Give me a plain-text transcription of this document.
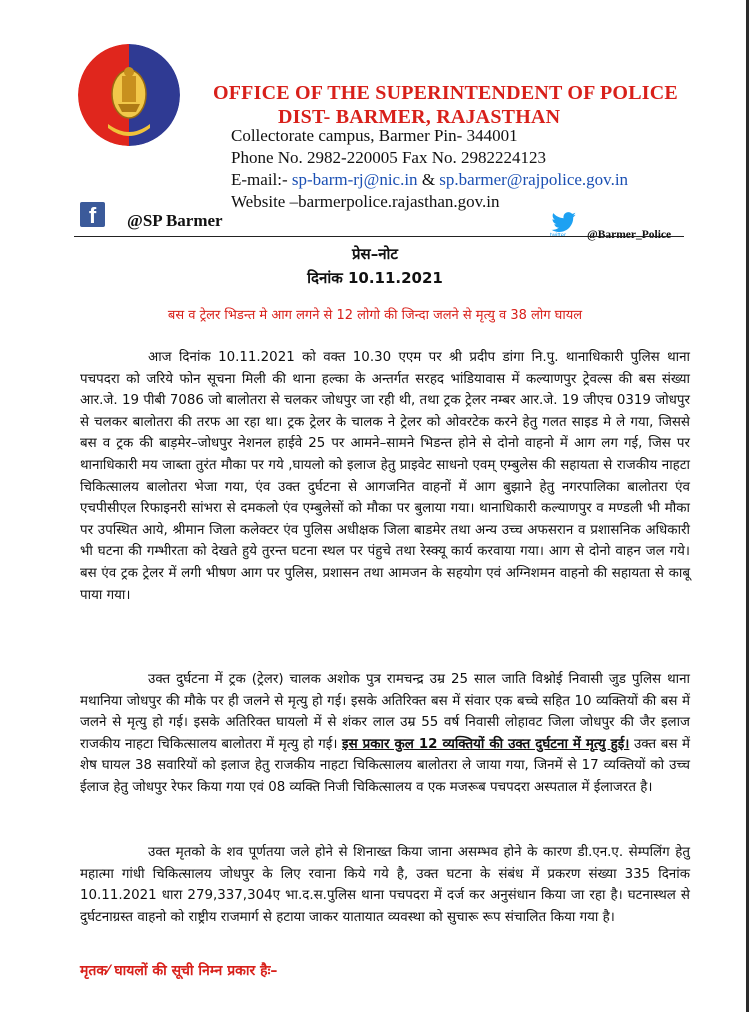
OFFICE OF THE SUPERINTENDENT OF POLICE
DIST- BARMER, RAJASTHAN
Collectorate campus, Barmer Pin- 344001
Phone No. 2982-220005 Fax No. 2982224123
E-mail:- sp-barm-rj@nic.in & sp.barmer@rajpolice.gov.in
Website –barmerpolice.rajasthan.gov.in
f	@SP Barmer
twitter @Barmer_Police
प्रेस–नोट
दिनांक 10.11.2021
बस व ट्रेलर भिडन्त मे आग लगने से 12 लोगो की जिन्दा जलने से मृत्यु व 38 लोग घायल

आज दिनांक 10.11.2021 को वक्त 10.30 एएम पर श्री प्रदीप डांगा नि.पु. थानाधिकारी पुलिस थाना पचपदरा को जरिये फोन सूचना मिली की थाना हल्का के अन्तर्गत सरहद भांडियावास में कल्याणपुर ट्रेवल्स की बस संख्या आर.जे. 19 पीबी 7086 जो बालोतरा से चलकर जोधपुर जा रही थी, तथा ट्रक ट्रेलर नम्बर आर.जे. 19 जीएच 0319 जोधपुर से चलकर बालोतरा की तरफ आ रहा था। ट्रक ट्रेलर के चालक ने ट्रेलर को ओवरटेक करने हेतु गलत साइड मे ले गया, जिससे बस व ट्रक की बाड़मेर–जोधपुर नेशनल हाईवे 25 पर आमने–सामने भिडन्त होने से दोनो वाहनो में आग लग गई, जिस पर थानाधिकारी मय जाब्ता तुरंत मौका पर गये ,घायलो को इलाज हेतु प्राइवेट साधनो एवम् एम्बुलेस की सहायता से राजकीय नाहटा चिकित्सालय बालोतरा भेजा गया, एंव उक्त दुर्घटना से आगजनित वाहनों में आग बुझाने हेतु नगरपालिका बालोतरा एंव एचपीसीएल रिफाइनरी सांभरा से दमकलो एंव एम्बुलेसों को मौका पर बुलाया गया। थानाधिकारी कल्याणपुर व मण्डली भी मौका पर उपस्थित आये, श्रीमान जिला कलेक्टर एंव पुलिस अधीक्षक जिला बाडमेर तथा अन्य उच्च अफसरान व प्रशासनिक अधिकारी भी घटना की गम्भीरता को देखते हुये तुरन्त घटना स्थल पर पंहुचे तथा रेस्क्यू कार्य करवाया गया। आग से दोनो वाहन जल गये। बस एंव ट्रक ट्रेलर में लगी भीषण आग पर पुलिस, प्रशासन तथा आमजन के सहयोग एवं अग्निशमन वाहनो की सहायता से काबू पाया गया।

उक्त दुर्घटना में ट्रक (ट्रेलर) चालक अशोक पुत्र रामचन्द्र उम्र 25 साल जाति विश्नोई निवासी जुड पुलिस थाना मथानिया जोधपुर की मौके पर ही जलने से मृत्यु हो गई। इसके अतिरिक्त बस में संवार एक बच्चे सहित 10 व्यक्तियों की बस में जलने से मृत्यु हो गई। इसके अतिरिक्त घायलो में से शंकर लाल उम्र 55 वर्ष निवासी लोहावट जिला जोधपुर की जैर इलाज राजकीय नाहटा चिकित्सालय बालोतरा में मृत्यु हो गई। इस प्रकार कुल 12 व्यक्तियों की उक्त दुर्घटना में मृत्यु हुई। उक्त बस में शेष घायल 38 सवारियों को इलाज हेतु राजकीय नाहटा चिकित्सालय बालोतरा ले जाया गया, जिनमें से 17 व्यक्तियों को उच्च ईलाज हेतु जोधपुर रेफर किया गया एवं 08 व्यक्ति निजी चिकित्सालय व एक मजरूब पचपदरा अस्पताल में ईलाजरत है।

उक्त मृतको के शव पूर्णतया जले होने से शिनाख्त किया जाना असम्भव होने के कारण डी.एन.ए. सेम्पलिंग हेतु महात्मा गांधी चिकित्सालय जोधपुर के लिए रवाना किये गये है, उक्त घटना के संबंध में प्रकरण संख्या 335 दिनांक 10.11.2021 धारा 279,337,304ए भा.द.स.पुलिस थाना पचपदरा में दर्ज कर अनुसंधान किया जा रहा है। घटनास्थल से दुर्घटनाग्रस्त वाहनो को राष्ट्रीय राजमार्ग से हटाया जाकर यातायात व्यवस्था को सुचारू रूप संचालित किया गया है।

मृतक⁄ घायलों की सूची निम्न प्रकार हैः–
